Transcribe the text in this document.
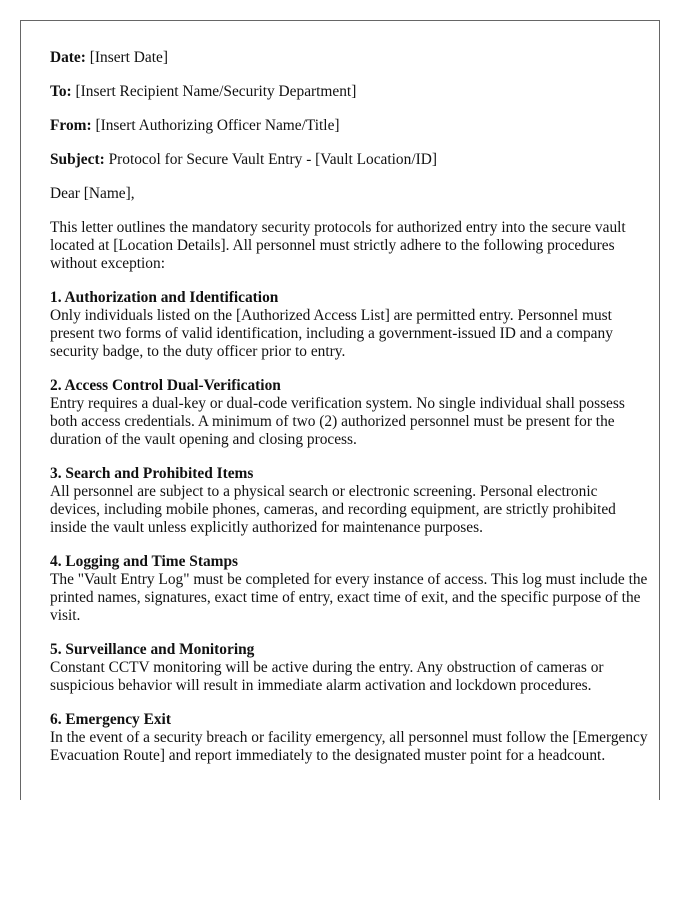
Date: [Insert Date]

To: [Insert Recipient Name/Security Department]

From: [Insert Authorizing Officer Name/Title]

Subject: Protocol for Secure Vault Entry - [Vault Location/ID]

Dear [Name],

This letter outlines the mandatory security protocols for authorized entry into the secure vault located at [Location Details]. All personnel must strictly adhere to the following procedures without exception:

1. Authorization and Identification
Only individuals listed on the [Authorized Access List] are permitted entry. Personnel must present two forms of valid identification, including a government-issued ID and a company security badge, to the duty officer prior to entry.
2. Access Control Dual-Verification
Entry requires a dual-key or dual-code verification system. No single individual shall possess both access credentials. A minimum of two (2) authorized personnel must be present for the duration of the vault opening and closing process.
3. Search and Prohibited Items
All personnel are subject to a physical search or electronic screening. Personal electronic devices, including mobile phones, cameras, and recording equipment, are strictly prohibited inside the vault unless explicitly authorized for maintenance purposes.
4. Logging and Time Stamps
The "Vault Entry Log" must be completed for every instance of access. This log must include the printed names, signatures, exact time of entry, exact time of exit, and the specific purpose of the visit.
5. Surveillance and Monitoring
Constant CCTV monitoring will be active during the entry. Any obstruction of cameras or suspicious behavior will result in immediate alarm activation and lockdown procedures.
6. Emergency Exit
In the event of a security breach or facility emergency, all personnel must follow the [Emergency Evacuation Route] and report immediately to the designated muster point for a headcount.
